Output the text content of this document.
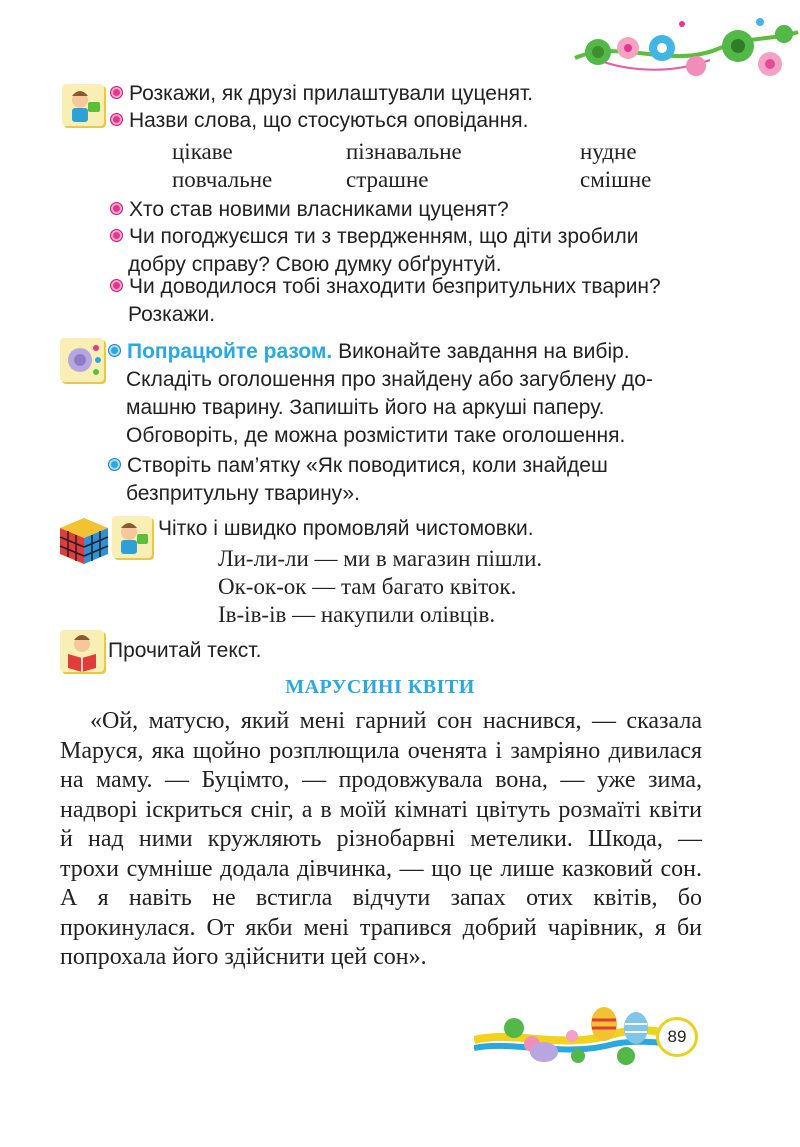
Розкажи, як друзі прилаштували цуценят.
Назви слова, що стосуються оповідання.
цікаве	пізнавальне	нудне
повчальне	страшне	смішне
Хто став новими власниками цуценят?
Чи погоджуєшся ти з твердженням, що діти зробили
добру справу? Свою думку обґрунтуй.
Чи доводилося тобі знаходити безпритульних тварин?
Розкажи.
Попрацюйте разом. Виконайте завдання на вибір.
Складіть оголошення про знайдену або загублену до-
машню тварину. Запишіть його на аркуші паперу.
Обговоріть, де можна розмістити таке оголошення.
Створіть пам’ятку «Як поводитися, коли знайдеш
безпритульну тварину».
Чітко і швидко промовляй чистомовки.
Ли-ли-ли — ми в магазин пішли.
Ок-ок-ок — там багато квіток.
Ів-ів-ів — накупили олівців.
Прочитай текст.
МАРУСИНІ КВІТИ

«Ой, матусю, який мені гарний сон наснився, — сказала Маруся, яка щойно розплющила оченята і замріяно дивилася на маму. — Буцімто, — продовжувала вона, — уже зима, надворі іскриться сніг, а в моїй кімнаті цвітуть розмаїті квіти й над ними кружляють різнобарвні метелики. Шкода, — трохи сумніше додала дівчинка, — що це лише казковий сон. А я навіть не встигла відчути запах отих квітів, бо прокинулася. От якби мені трапився добрий чарівник, я би попрохала його здійснити цей сон».

89
